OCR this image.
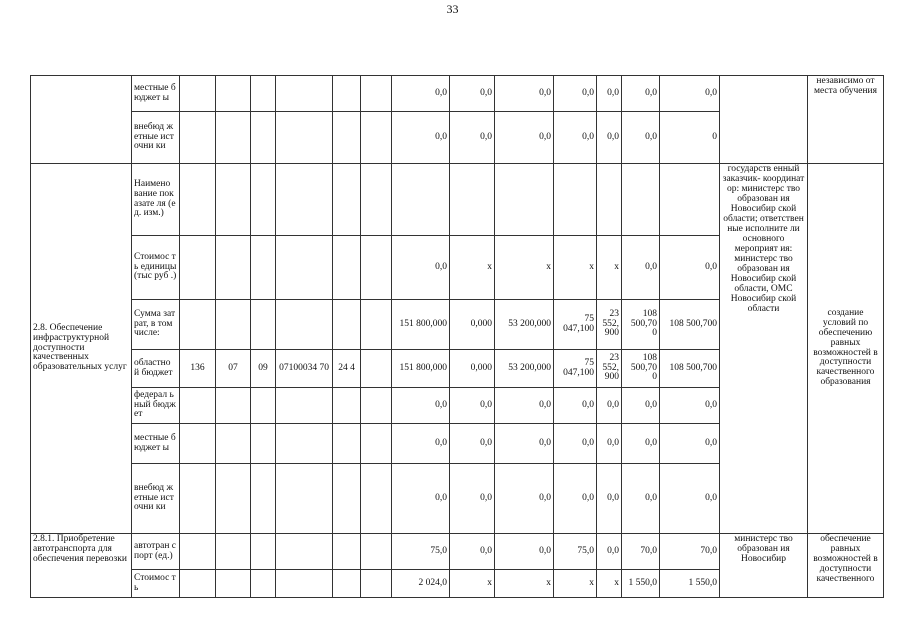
33
	местные бюджет ы							0,0	0,0	0,0	0,0	0,0	0,0	0,0		независимо от места обучения
	внебюд жетные источни ки							0,0	0,0	0,0	0,0	0,0	0,0	0		
2.8. Обеспечение инфраструктурной доступности качественных образовательных услуг	Наимено вание показате ля (ед. изм.)														государств енный заказчик- координат ор: министерс тво образован ия Новосибир ской области; ответствен ные исполните ли основного мероприят ия: министерс тво образован ия Новосибир ской области, ОМС Новосибир ской области	создание условий по обеспечению равных возможностей в доступности качественного образования
	Стоимос ть единицы (тыс руб .)							0,0	x	x	x	x	0,0	0,0		
	Сумма затрат, в том числе:							151 800,000	0,000	53 200,000	75 047,100	23 552, 900	108 500,70 0	108 500,700		
	областно й бюджет	136	07	09	07100034 70	24 4		151 800,000	0,000	53 200,000	75 047,100	23 552, 900	108 500,70 0	108 500,700		
	федерал ьный бюджет							0,0	0,0	0,0	0,0	0,0	0,0	0,0		
	местные бюджет ы							0,0	0,0	0,0	0,0	0,0	0,0	0,0		
	внебюд жетные источни ки							0,0	0,0	0,0	0,0	0,0	0,0	0,0		
2.8.1. Приобретение автотранспорта для обеспечения перевозки	автотран спорт (ед.)							75,0	0,0	0,0	75,0	0,0	70,0	70,0	министерс тво образован ия Новосибир	обеспечение равных возможностей в доступности качественного
	Стоимос ть							2 024,0	x	x	x	x	1 550,0	1 550,0		
